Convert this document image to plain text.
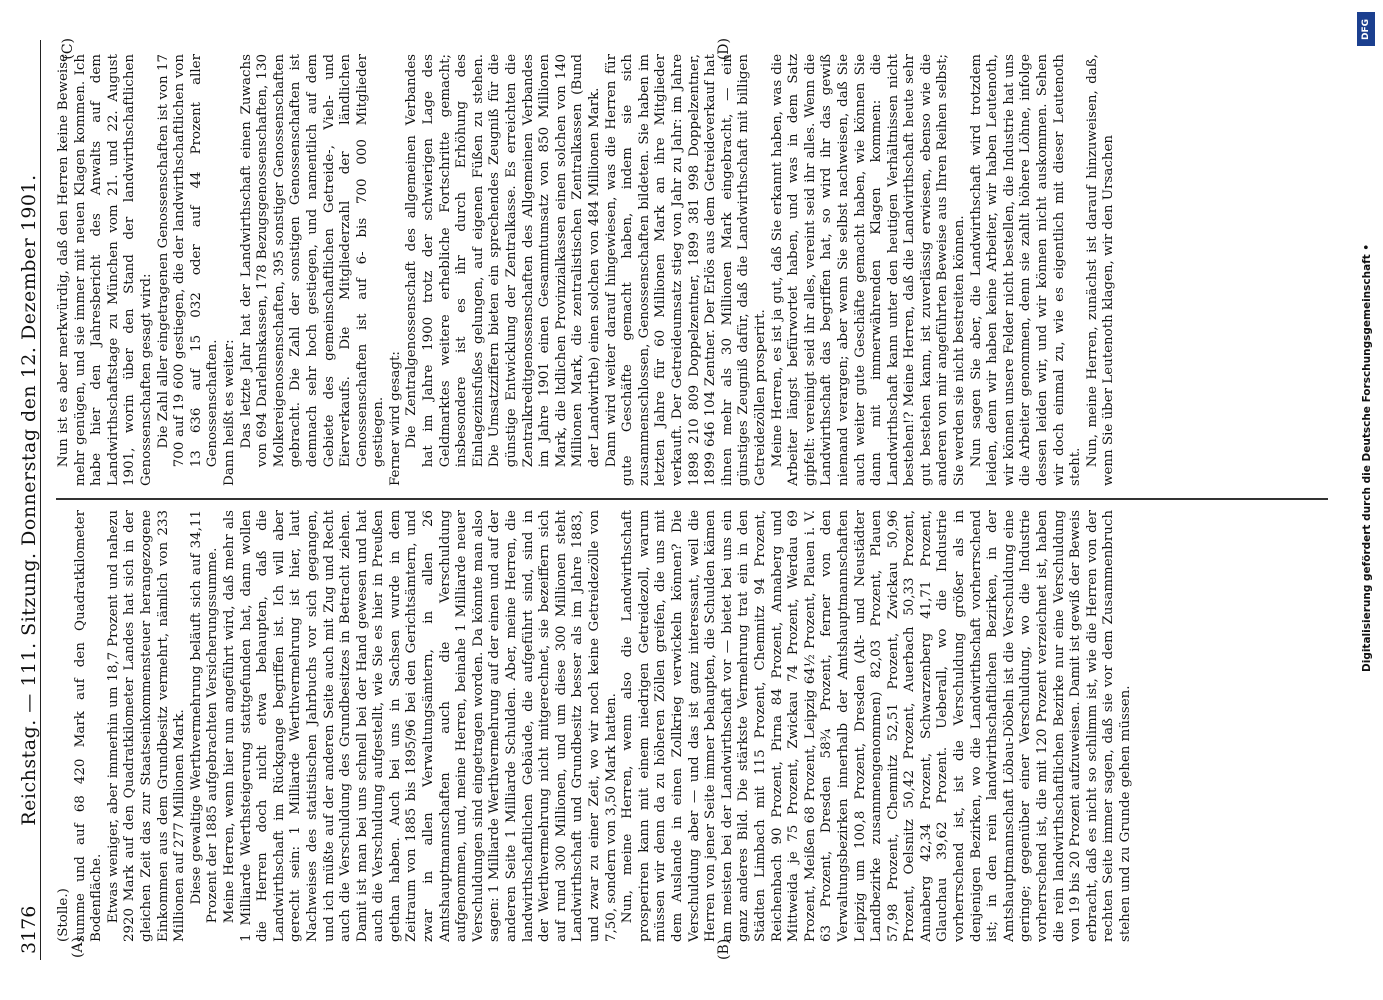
3176
Reichstag. — 111. Sitzung. Donnerstag den 12. Dezember 1901.
(A)	(B)
(C)	(D)

(Stolle.) summe und auf 68 420 Mark auf den Quadratkilometer Bodenfläche. Etwas weniger, aber immerhin um 18,7 Prozent und nahezu 2920 Mark auf den Quadratkilometer Landes hat sich in der gleichen Zeit das zur Staatseinkommensteuer herangezogene Einkommen aus dem Grundbesitz vermehrt, nämlich von 233 Millionen auf 277 Millionen Mark. Diese gewaltige Werthvermehrung beläuft sich auf 34,11 Prozent der 1885 aufgebrachten Versicherungssumme. Meine Herren, wenn hier nun angeführt wird, daß mehr als 1 Milliarde Werthsteigerung stattgefunden hat, dann wollen die Herren doch nicht etwa behaupten, daß die Landwirthschaft im Rückgange begriffen ist. Ich will aber gerecht sein: 1 Milliarde Werthvermehrung ist hier, laut Nachweises des statistischen Jahrbuchs vor sich gegangen, und ich müßte auf der anderen Seite auch mit Zug und Recht auch die Verschuldung des Grundbesitzes in Betracht ziehen. Damit ist man bei uns schnell bei der Hand gewesen und hat auch die Verschuldung aufgestellt, wie Sie es hier in Preußen gethan haben. Auch bei uns in Sachsen wurde in dem Zeitraum von 1885 bis 1895/96 bei den Gerichtsämtern, und zwar in allen Verwaltungsämtern, in allen 26 Amtshauptmannschaften auch die Verschuldung aufgenommen, und, meine Herren, beinahe 1 Milliarde neuer Verschuldungen sind eingetragen worden. Da könnte man also sagen: 1 Milliarde Werthvermehrung auf der einen und auf der anderen Seite 1 Milliarde Schulden. Aber, meine Herren, die landwirthschaftlichen Gebäude, die aufgeführt sind, sind in der Werthvermehrung nicht mitgerechnet, sie bezeiffern sich auf rund 300 Millionen, und um diese 300 Millionen steht Landwirthschaft und Grundbesitz besser als im Jahre 1883, und zwar zu einer Zeit, wo wir noch keine Getreidezölle von 7,50, sondern von 3,50 Mark hatten. Nun, meine Herren, wenn also die Landwirthschaft prosperiren kann mit einem niedrigen Getreidezoll, warum müssen wir denn da zu höheren Zöllen greifen, die uns mit dem Auslande in einen Zollkrieg verwickeln können? Die Verschuldung aber — und das ist ganz interessant, weil die Herren von jener Seite immer behaupten, die Schulden kämen am meisten bei der Landwirthschaft vor — bietet bei uns ein ganz anderes Bild. Die stärkste Vermehrung trat ein in den Städten Limbach mit 115 Prozent, Chemnitz 94 Prozent, Reichenbach 90 Prozent, Pirna 84 Prozent, Annaberg und Mittweida je 75 Prozent, Zwickau 74 Prozent, Werdau 69 Prozent, Meißen 68 Prozent, Leipzig 64½ Prozent, Plauen i. V. 63 Prozent, Dresden 58¾ Prozent, ferner von den Verwaltungsbezirken innerhalb der Amtshauptmannschaften Leipzig um 100,8 Prozent, Dresden (Alt- und Neustädter Landbezirke zusammengenommen) 82,03 Prozent, Plauen 57,98 Prozent, Chemnitz 52,51 Prozent, Zwickau 50,96 Prozent, Oelsnitz 50,42 Prozent, Auerbach 50,33 Prozent, Annaberg 42,34 Prozent, Schwarzenberg 41,71 Prozent, Glauchau 39,62 Prozent. Ueberall, wo die Industrie vorherrschend ist, ist die Verschuldung größer als in denjenigen Bezirken, wo die Landwirthschaft vorherrschend ist; in den rein landwirthschaftlichen Bezirken, in der Amtshauptmannschaft Löbau-Döbeln ist die Verschuldung eine geringe; gegenüber einer Verschuldung, wo die Industrie vorherrschend ist, die mit 120 Prozent verzeichnet ist, haben die rein landwirthschaftlichen Bezirke nur eine Verschuldung von 19 bis 20 Prozent aufzuweisen. Damit ist gewiß der Beweis erbracht, daß es nicht so schlimm ist, wie die Herren von der rechten Seite immer sagen, daß sie vor dem Zusammenbruch stehen und zu Grunde gehen müssen.

Nun ist es aber merkwürdig, daß den Herren keine Beweise mehr genügen, und sie immer mit neuen Klagen kommen. Ich habe hier den Jahresbericht des Anwalts auf dem Landwirthschaftstage zu München vom 21. und 22. August 1901, worin über den Stand der landwirthschaftlichen Genossenschaften gesagt wird: Die Zahl aller eingetragenen Genossenschaften ist von 17 700 auf 19 600 gestiegen, die der landwirthschaftlichen von 13 636 auf 15 032 oder auf 44 Prozent aller Genossenschaften. Dann heißt es weiter: Das letzte Jahr hat der Landwirthschaft einen Zuwachs von 694 Darlehnskassen, 178 Bezugsgenossenschaften, 130 Molkereigenossenschaften, 395 sonstiger Genossenschaften gebracht. Die Zahl der sonstigen Genossenschaften ist demnach sehr hoch gestiegen, und namentlich auf dem Gebiete des gemeinschaftlichen Getreide-, Vieh- und Eierverkaufs. Die Mitgliederzahl der ländlichen Genossenschaften ist auf 6- bis 700 000 Mitglieder gestiegen. Ferner wird gesagt: Die Zentralgenossenschaft des allgemeinen Verbandes hat im Jahre 1900 trotz der schwierigen Lage des Geldmarktes weitere erhebliche Fortschritte gemacht; insbesondere ist es ihr durch Erhöhung des Einlagezinsfußes gelungen, auf eigenen Füßen zu stehen. Die Umsatzziffern bieten ein sprechendes Zeugniß für die günstige Entwicklung der Zentralkasse. Es erreichten die Zentralkreditgenossenschaften des Allgemeinen Verbandes im Jahre 1901 einen Gesammtumsatz von 850 Millionen Mark, die ltdlichen Provinzialkassen einen solchen von 140 Millionen Mark, die zentralistischen Zentralkassen (Bund der Landwirthe) einen solchen von 484 Millionen Mark. Dann wird weiter darauf hingewiesen, was die Herren für gute Geschäfte gemacht haben, indem sie sich zusammenschlossen, Genossenschaften bildeten. Sie haben im letzten Jahre für 60 Millionen Mark an ihre Mitglieder verkauft. Der Getreideumsatz stieg von Jahr zu Jahr: im Jahre 1898 210 809 Doppelzentner, 1899 381 998 Doppelzentner, 1899 646 104 Zentner. Der Erlös aus dem Getreideverkauf hat ihnen mehr als 30 Millionen Mark eingebracht, — ein günstiges Zeugniß dafür, daß die Landwirthschaft mit billigen Getreidezöllen prosperirt. Meine Herren, es ist ja gut, daß Sie erkannt haben, was die Arbeiter längst befürwortet haben, und was in dem Satz gipfelt: vereinigt seid ihr alles, vereint seid ihr alles. Wenn die Landwirthschaft das begriffen hat, so wird ihr das gewiß niemand verargen; aber wenn Sie selbst nachweisen, daß Sie auch weiter gute Geschäfte gemacht haben, wie können Sie dann mit immerwährenden Klagen kommen: die Landwirthschaft kann unter den heutigen Verhältnissen nicht bestehen!? Meine Herren, daß die Landwirthschaft heute sehr gut bestehen kann, ist zuverlässig erwiesen, ebenso wie die anderen von mir angeführten Beweise aus Ihren Reihen selbst; Sie werden sie nicht bestreiten können. Nun sagen Sie aber, die Landwirthschaft wird trotzdem leiden, denn wir haben keine Arbeiter, wir haben Leutenoth, wir können unsere Felder nicht bestellen, die Industrie hat uns die Arbeiter genommen, denn sie zahlt höhere Löhne, infolge dessen leiden wir, und wir können nicht auskommen. Sehen wir doch einmal zu, wie es eigentlich mit dieser Leutenoth steht. Nun, meine Herren, zunächst ist darauf hinzuweisen, daß, wenn Sie über Leutenoth klagen, wir den Ursachen

DFG
Digitalisierung gefördert durch die Deutsche Forschungsgemeinschaft •
